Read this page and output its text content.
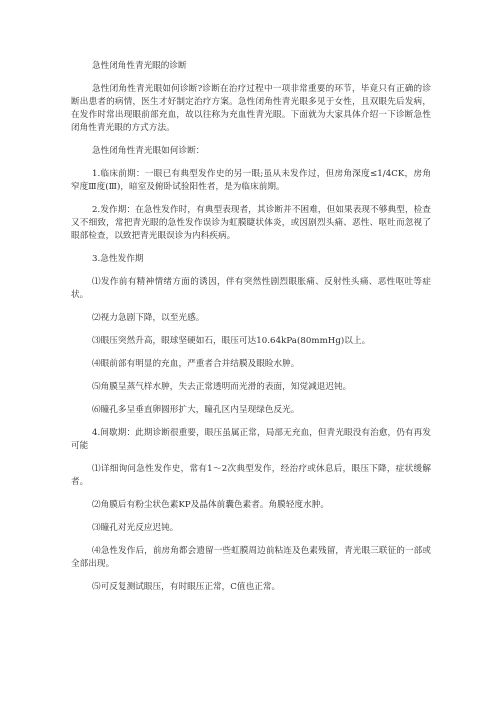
急性闭角性青光眼的诊断

急性闭角性青光眼如何诊断?诊断在治疗过程中一项非常重要的环节，毕竟只有正确的诊断出患者的病情，医生才好制定治疗方案。急性闭角性青光眼多见于女性，且双眼先后发病，在发作时常出现眼前部充血，故以往称为充血性青光眼。下面就为大家具体介绍一下诊断急性闭角性青光眼的方式方法。

急性闭角性青光眼如何诊断：

1.临床前期：一眼已有典型发作史的另一眼;虽从未发作过，但房角深度≤1/4CK，房角窄度Ⅲ度(Ⅲ)，暗室及俯卧试验阳性者，是为临床前期。

2.发作期：在急性发作时，有典型表现者，其诊断并不困难，但如果表现不够典型，检查又不细致，常把青光眼的急性发作误诊为虹膜睫状体炎，或因剧烈头痛、恶性、呕吐而忽视了眼部检查，以致把青光眼误诊为内科疾病。

3.急性发作期

⑴发作前有精神情绪方面的诱因，伴有突然性剧烈眼胀痛、反射性头痛、恶性呕吐等症状。

⑵视力急剧下降，以至光感。

⑶眼压突然升高，眼球坚硬如石，眼压可达10.64kPa(80mmHg)以上。

⑷眼前部有明显的充血，严重者合并结膜及眼睑水肿。

⑸角膜呈蒸气样水肿，失去正常透明而光滑的表面，知觉减退迟钝。

⑹瞳孔多呈垂直卵圆形扩大，瞳孔区内呈现绿色反光。

4.间歇期：此期诊断很重要，眼压虽属正常，局部无充血，但青光眼没有治愈，仍有再发可能

⑴详细询问急性发作史，常有1～2次典型发作，经治疗或休息后，眼压下降，症状缓解者。

⑵角膜后有粉尘状色素KP及晶体前囊色素者。角膜轻度水肿。

⑶瞳孔对光反应迟钝。

⑷急性发作后，前房角都会遗留一些虹膜周边前粘连及色素残留，青光眼三联征的一部或全部出现。

⑸可反复测试眼压，有时眼压正常，C值也正常。
